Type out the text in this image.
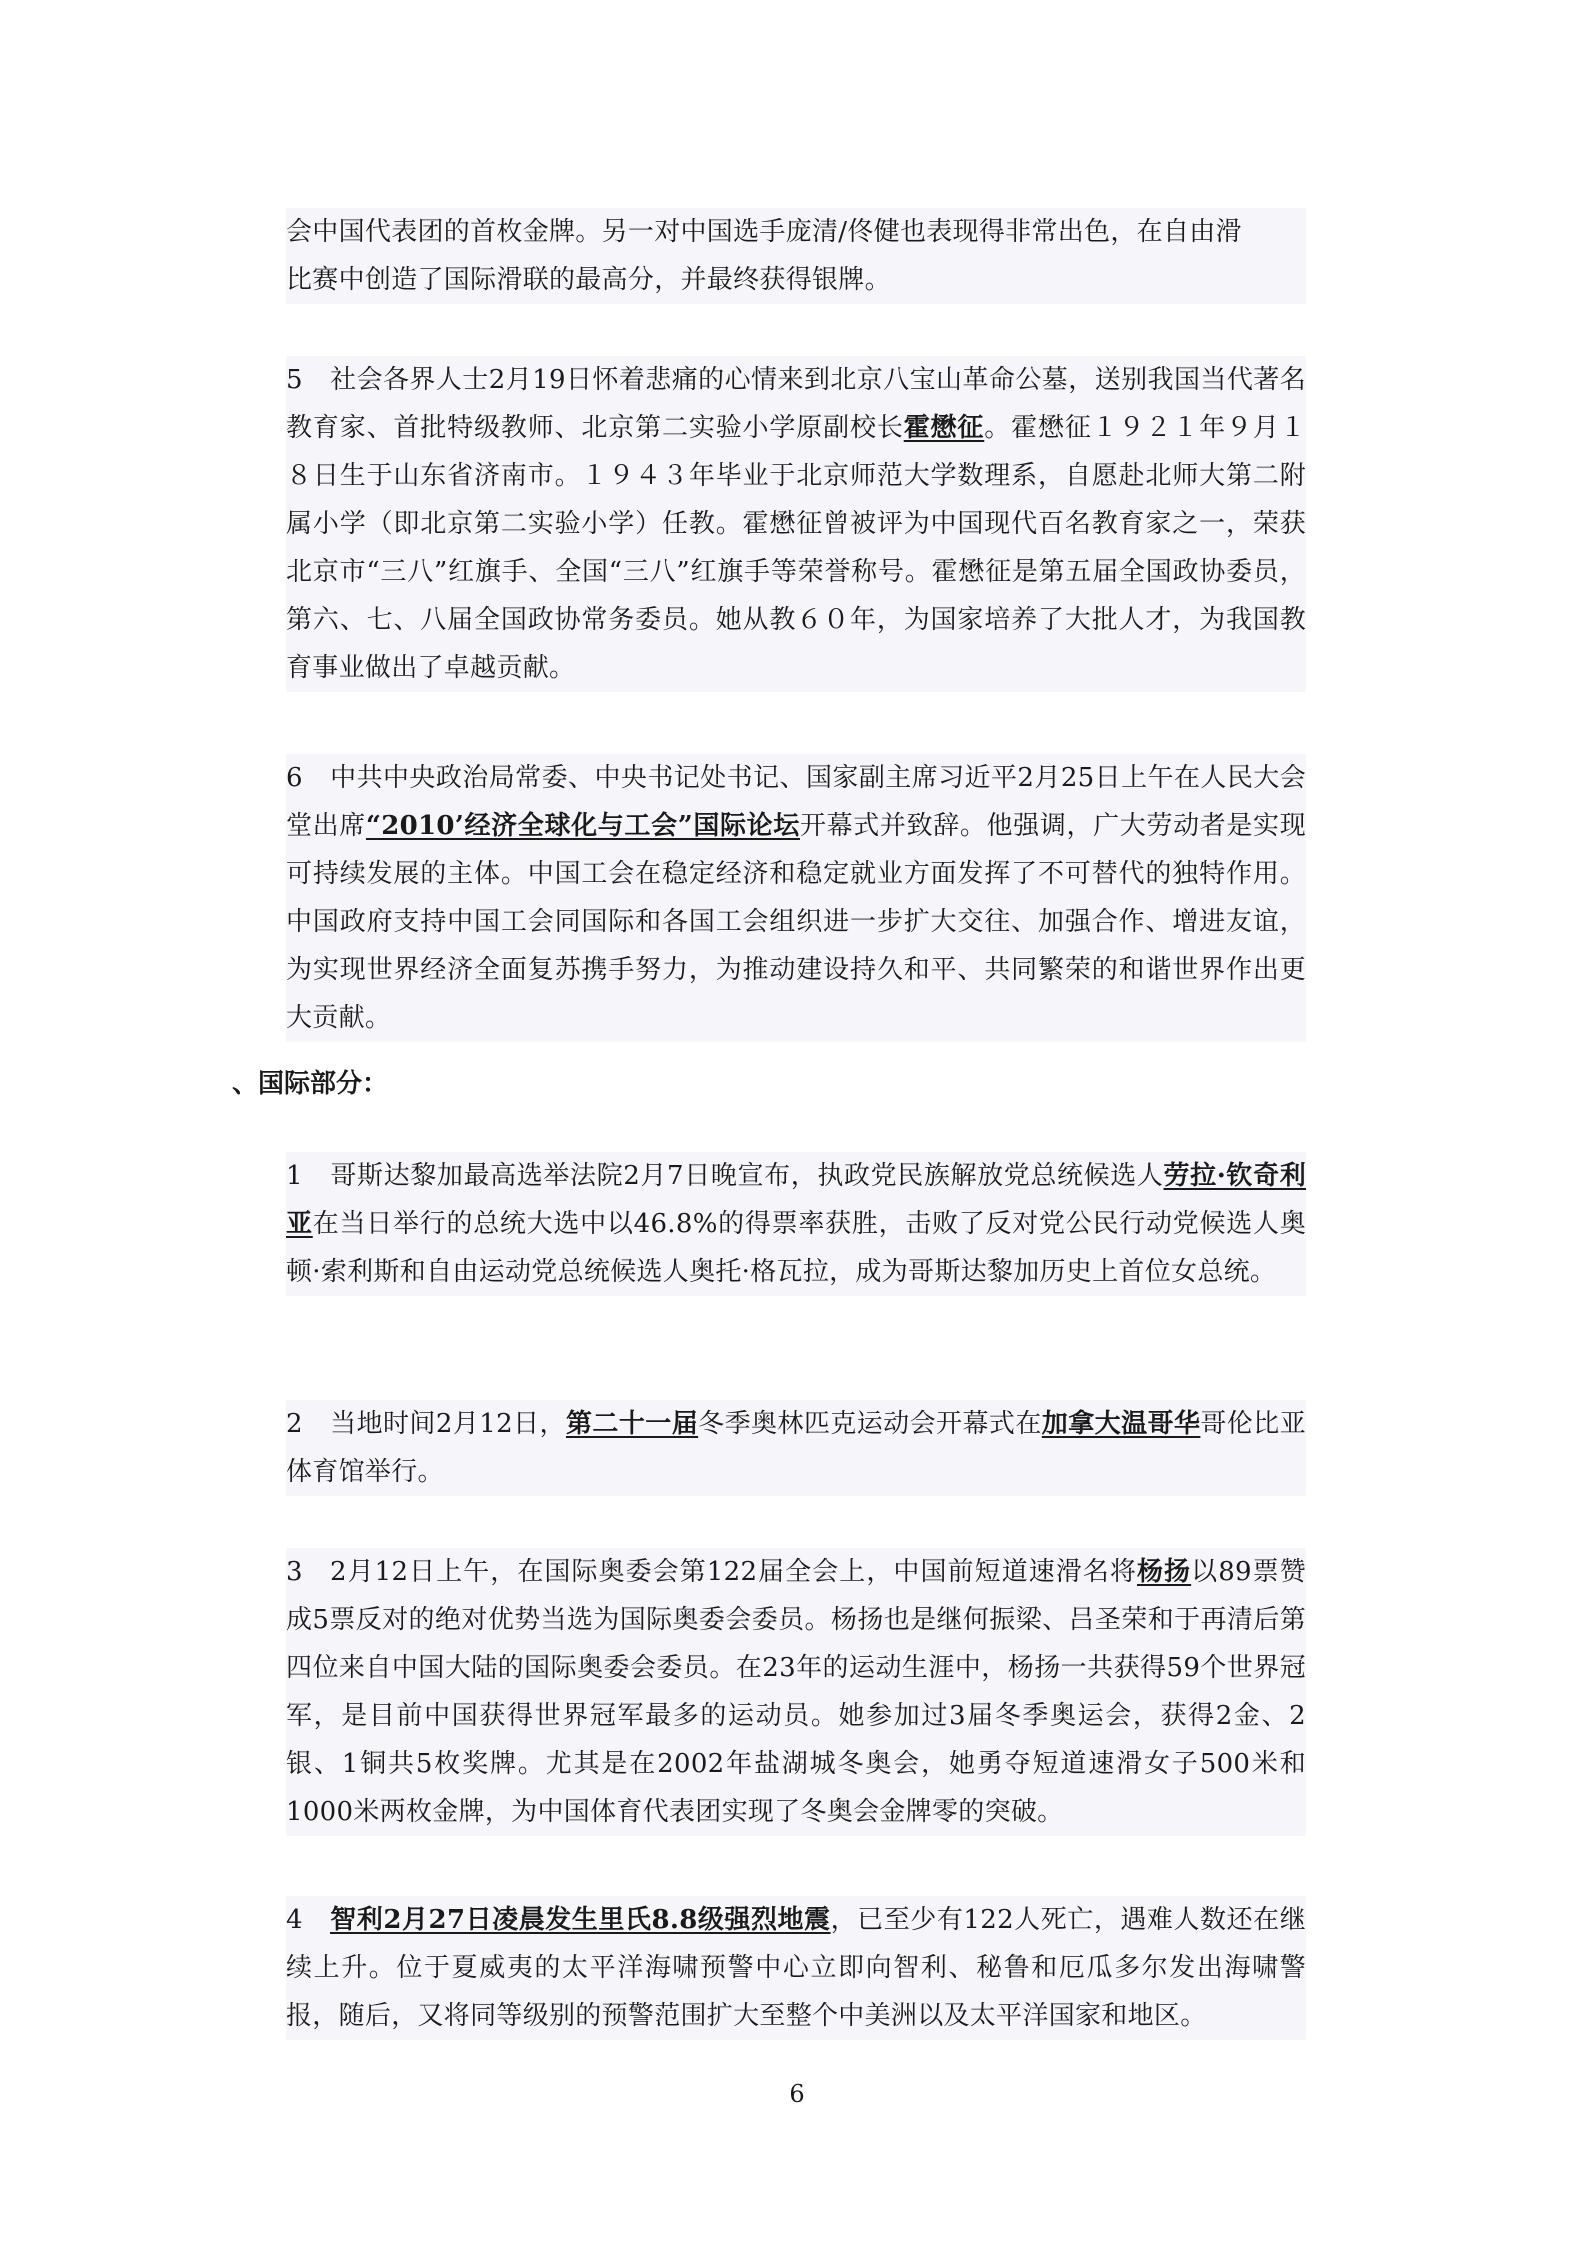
会中国代表团的首枚金牌。另一对中国选手庞清/佟健也表现得非常出色，在自由滑

比赛中创造了国际滑联的最高分，并最终获得银牌。

5 社会各界人士2月19日怀着悲痛的心情来到北京八宝山革命公墓，送别我国当代著名教育家、首批特级教师、北京第二实验小学原副校长霍懋征。霍懋征１９２１年９月１８日生于山东省济南市。１９４３年毕业于北京师范大学数理系，自愿赴北师大第二附属小学（即北京第二实验小学）任教。霍懋征曾被评为中国现代百名教育家之一，荣获北京市“三八”红旗手、全国“三八”红旗手等荣誉称号。霍懋征是第五届全国政协委员，第六、七、八届全国政协常务委员。她从教６０年，为国家培养了大批人才，为我国教育事业做出了卓越贡献。

6 中共中央政治局常委、中央书记处书记、国家副主席习近平2月25日上午在人民大会堂出席“2010’经济全球化与工会”国际论坛开幕式并致辞。他强调，广大劳动者是实现可持续发展的主体。中国工会在稳定经济和稳定就业方面发挥了不可替代的独特作用。中国政府支持中国工会同国际和各国工会组织进一步扩大交往、加强合作、增进友谊，为实现世界经济全面复苏携手努力，为推动建设持久和平、共同繁荣的和谐世界作出更大贡献。

、国际部分：

1 哥斯达黎加最高选举法院2月7日晚宣布，执政党民族解放党总统候选人劳拉·钦奇利亚在当日举行的总统大选中以46.8%的得票率获胜，击败了反对党公民行动党候选人奥顿·索利斯和自由运动党总统候选人奥托·格瓦拉，成为哥斯达黎加历史上首位女总统。

2 当地时间2月12日，第二十一届冬季奥林匹克运动会开幕式在加拿大温哥华哥伦比亚体育馆举行。

3 2月12日上午，在国际奥委会第122届全会上，中国前短道速滑名将杨扬以89票赞成5票反对的绝对优势当选为国际奥委会委员。杨扬也是继何振梁、吕圣荣和于再清后第四位来自中国大陆的国际奥委会委员。在23年的运动生涯中，杨扬一共获得59个世界冠军，是目前中国获得世界冠军最多的运动员。她参加过3届冬季奥运会，获得2金、2银、1铜共5枚奖牌。尤其是在2002年盐湖城冬奥会，她勇夺短道速滑女子500米和1000米两枚金牌，为中国体育代表团实现了冬奥会金牌零的突破。

4 智利2月27日凌晨发生里氏8.8级强烈地震，已至少有122人死亡，遇难人数还在继续上升。位于夏威夷的太平洋海啸预警中心立即向智利、秘鲁和厄瓜多尔发出海啸警报，随后，又将同等级别的预警范围扩大至整个中美洲以及太平洋国家和地区。

6
